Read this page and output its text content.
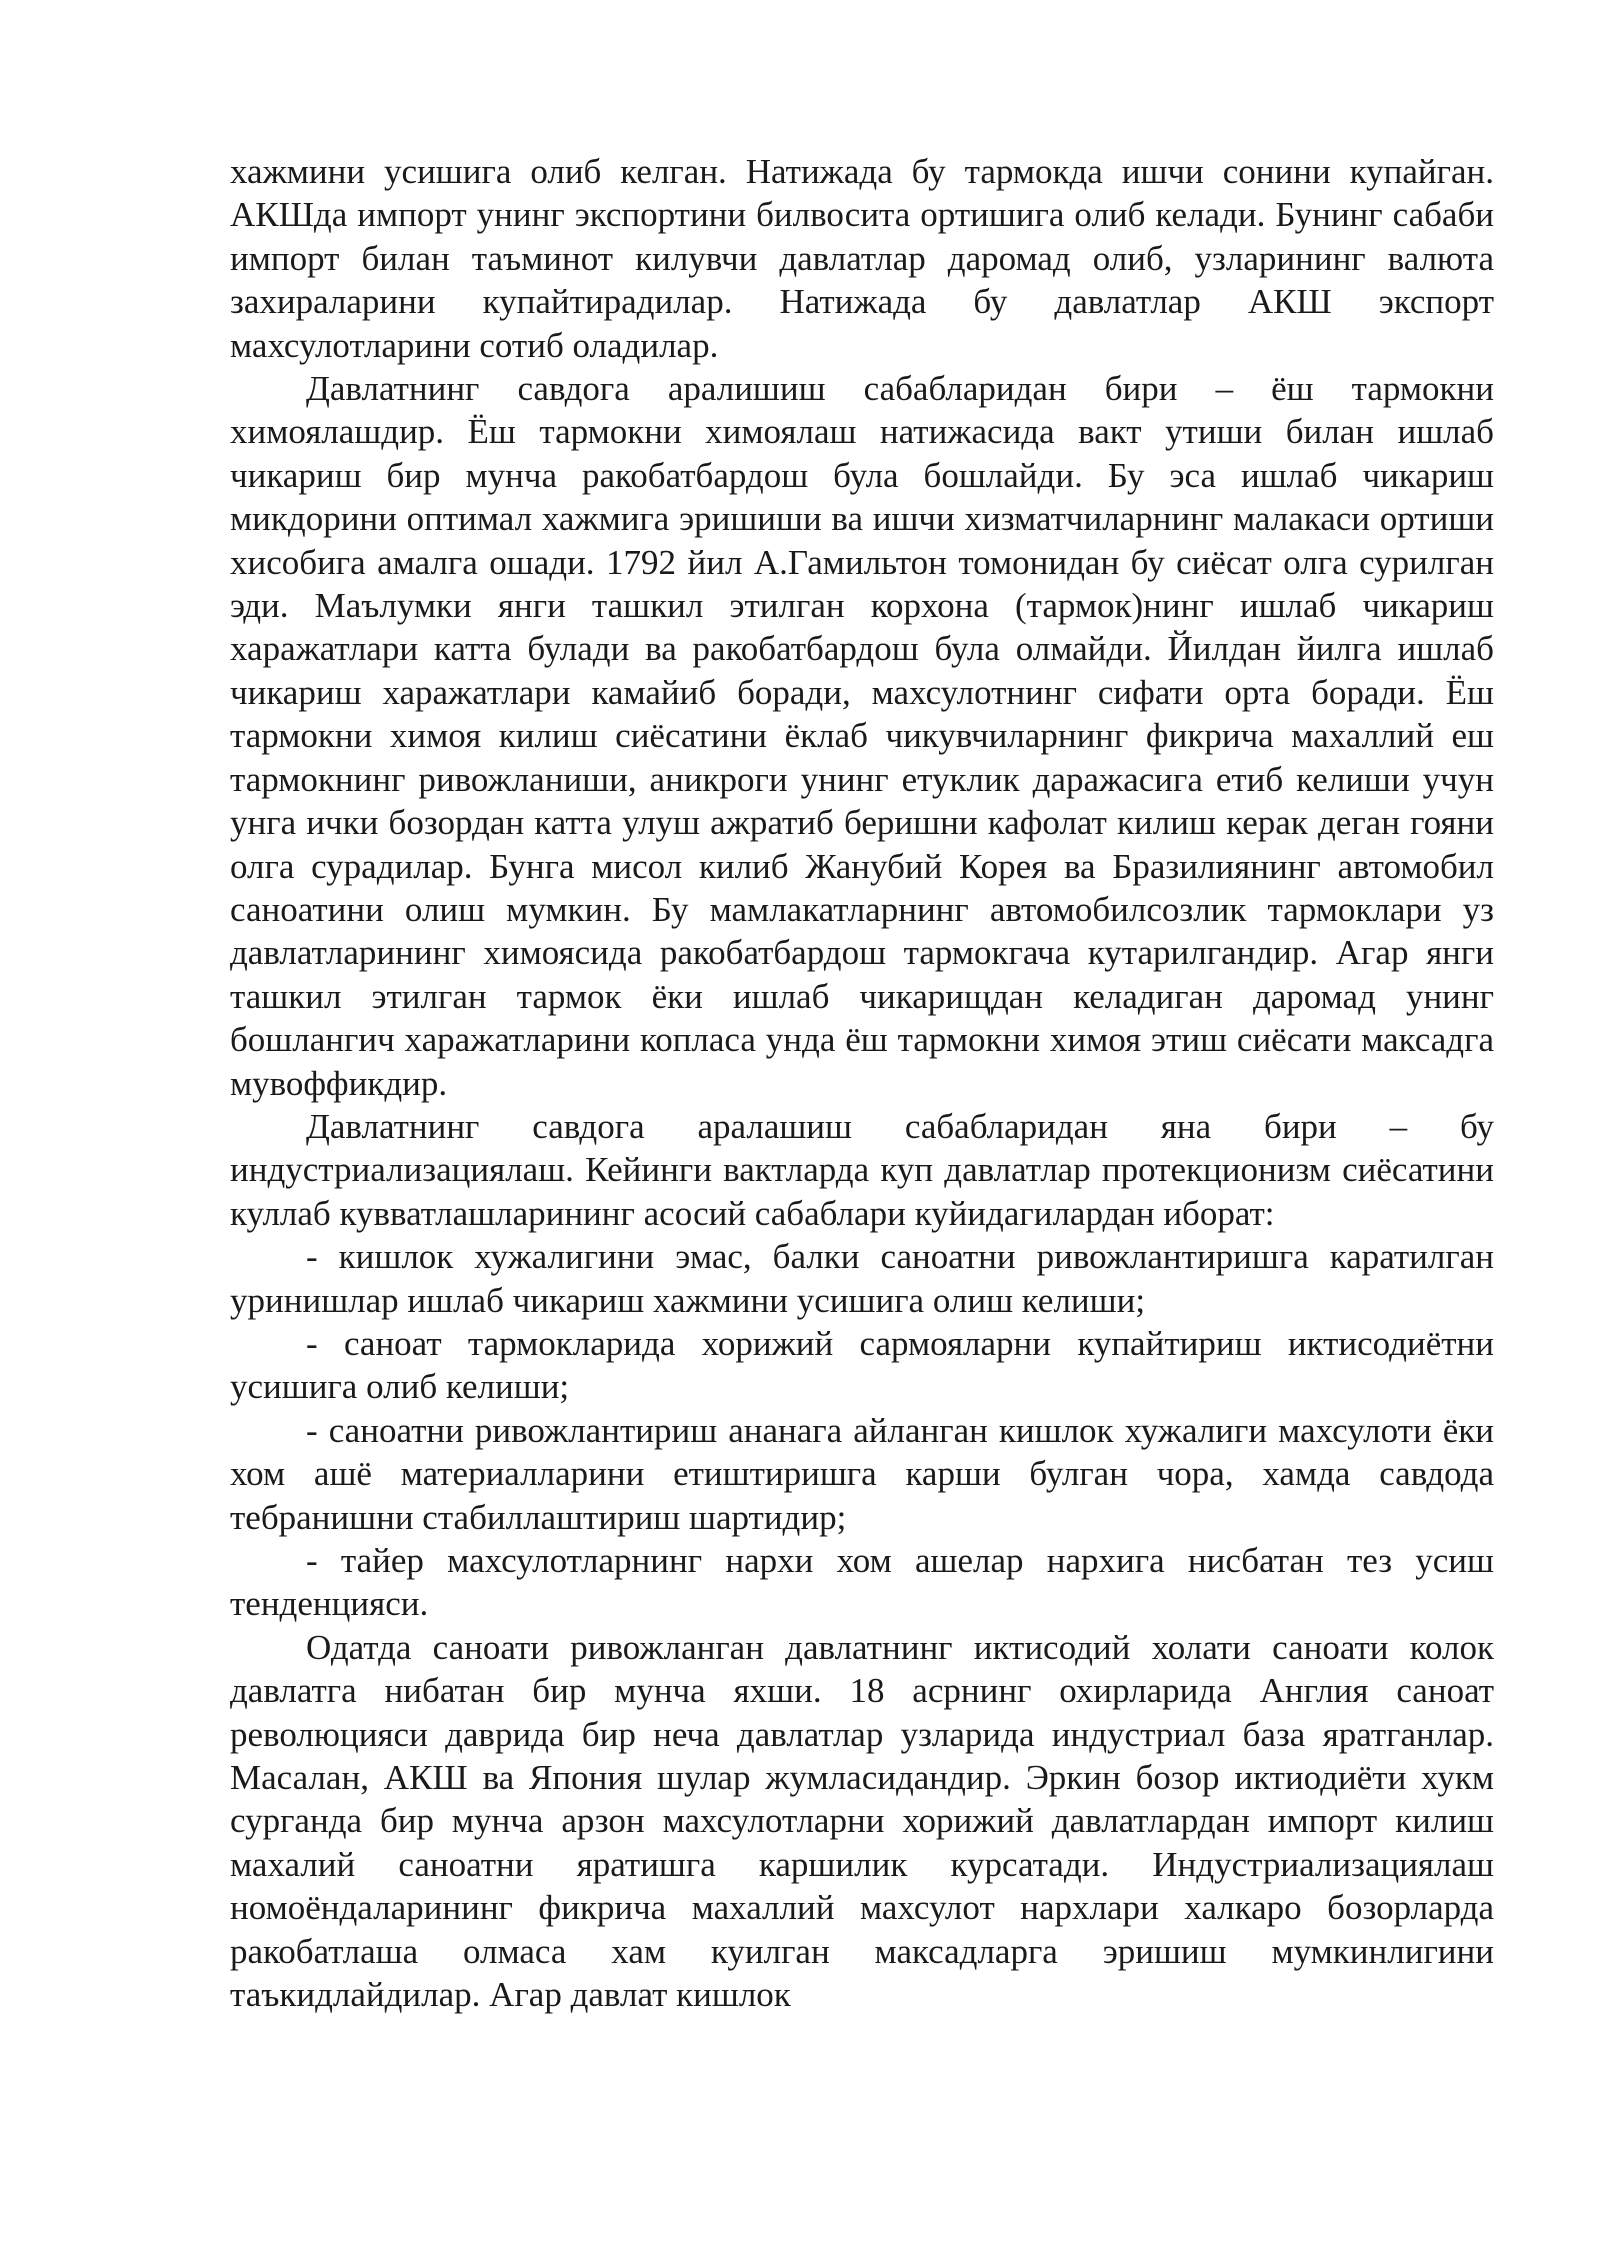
хажмини усишига олиб келган. Натижада бу тармокда ишчи сонини купайган. АКШда импорт унинг экспортини билвосита ортишига олиб келади. Бунинг сабаби импорт билан таъминот килувчи давлатлар даромад олиб, узларининг валюта захираларини купайтирадилар. Натижада бу давлатлар АКШ экспорт махсулотларини сотиб оладилар.

Давлатнинг савдога аралишиш сабабларидан бири – ёш тармокни химоялашдир. Ёш тармокни химоялаш натижасида вакт утиши билан ишлаб чикариш бир мунча ракобатбардош була бошлайди. Бу эса ишлаб чикариш микдорини оптимал хажмига эришиши ва ишчи хизматчиларнинг малакаси ортиши хисобига амалга ошади. 1792 йил А.Гамильтон томонидан бу сиёсат олга сурилган эди. Маълумки янги ташкил этилган корхона (тармок)нинг ишлаб чикариш харажатлари катта булади ва ракобатбардош була олмайди. Йилдан йилга ишлаб чикариш харажатлари камайиб боради, махсулотнинг сифати орта боради. Ёш тармокни химоя килиш сиёсатини ёклаб чикувчиларнинг фикрича махаллий еш тармокнинг ривожланиши, аникроги унинг етуклик даражасига етиб келиши учун унга ички бозордан катта улуш ажратиб беришни кафолат килиш керак деган гояни олга сурадилар. Бунга мисол килиб Жанубий Корея ва Бразилиянинг автомобил саноатини олиш мумкин. Бу мамлакатларнинг автомобилсозлик тармоклари уз давлатларининг химоясида ракобатбардош тармокгача кутарилгандир. Агар янги ташкил этилган тармок ёки ишлаб чикарищдан келадиган даромад унинг бошлангич харажатларини копласа унда ёш тармокни химоя этиш сиёсати максадга мувоффикдир.

Давлатнинг савдога аралашиш сабабларидан яна бири – бу индустриализациялаш. Кейинги вактларда куп давлатлар протекционизм сиёсатини куллаб кувватлашларининг асосий сабаблари куйидагилардан иборат:

- кишлок хужалигини эмас, балки саноатни ривожлантиришга каратилган уринишлар ишлаб чикариш хажмини усишига олиш келиши;

- саноат тармокларида хорижий сармояларни купайтириш иктисодиётни усишига олиб келиши;

- саноатни ривожлантириш ананага айланган кишлок хужалиги махсулоти ёки хом ашё материалларини етиштиришга карши булган чора, хамда савдода тебранишни стабиллаштириш шартидир;

- тайер махсулотларнинг нархи хом ашелар нархига нисбатан тез усиш тенденцияси.

Одатда саноати ривожланган давлатнинг иктисодий холати саноати колок давлатга нибатан бир мунча яхши. 18 асрнинг охирларида Англия саноат революцияси даврида бир неча давлатлар узларида индустриал база яратганлар. Масалан, АКШ ва Япония шулар жумласидандир. Эркин бозор иктиодиёти хукм сурганда бир мунча арзон махсулотларни хорижий давлатлардан импорт килиш махалий саноатни яратишга каршилик курсатади. Индустриализациялаш номоёндаларининг фикрича махаллий махсулот нархлари халкаро бозорларда ракобатлаша олмаса хам куилган максадларга эришиш мумкинлигини таъкидлайдилар. Агар давлат кишлок
